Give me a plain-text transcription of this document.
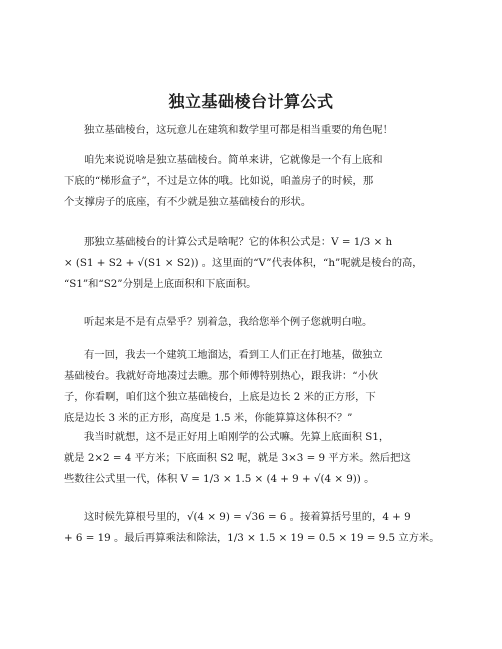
独立基础棱台计算公式
独立基础棱台，这玩意儿在建筑和数学里可都是相当重要的角色呢！
咱先来说说啥是独立基础棱台。简单来讲，它就像是一个有上底和
下底的“梯形盒子”，不过是立体的哦。比如说，咱盖房子的时候，那
个支撑房子的底座，有不少就是独立基础棱台的形状。
那独立基础棱台的计算公式是啥呢？它的体积公式是：V = 1/3 × h
× (S1 + S2 + √(S1 × S2)) 。这里面的“V”代表体积，“h”呢就是棱台的高，
“S1”和“S2”分别是上底面积和下底面积。
听起来是不是有点晕乎？别着急，我给您举个例子您就明白啦。
有一回，我去一个建筑工地溜达，看到工人们正在打地基，做独立
基础棱台。我就好奇地凑过去瞧。那个师傅特别热心，跟我讲：“小伙
子，你看啊，咱们这个独立基础棱台，上底是边长 2 米的正方形，下
底是边长 3 米的正方形，高度是 1.5 米，你能算算这体积不？”
我当时就想，这不是正好用上咱刚学的公式嘛。先算上底面积 S1，
就是 2×2 = 4 平方米；下底面积 S2 呢，就是 3×3 = 9 平方米。然后把这
些数往公式里一代，体积 V = 1/3 × 1.5 × (4 + 9 + √(4 × 9)) 。
这时候先算根号里的，√(4 × 9) = √36 = 6 。接着算括号里的，4 + 9
+ 6 = 19 。最后再算乘法和除法，1/3 × 1.5 × 19 = 0.5 × 19 = 9.5 立方米。
